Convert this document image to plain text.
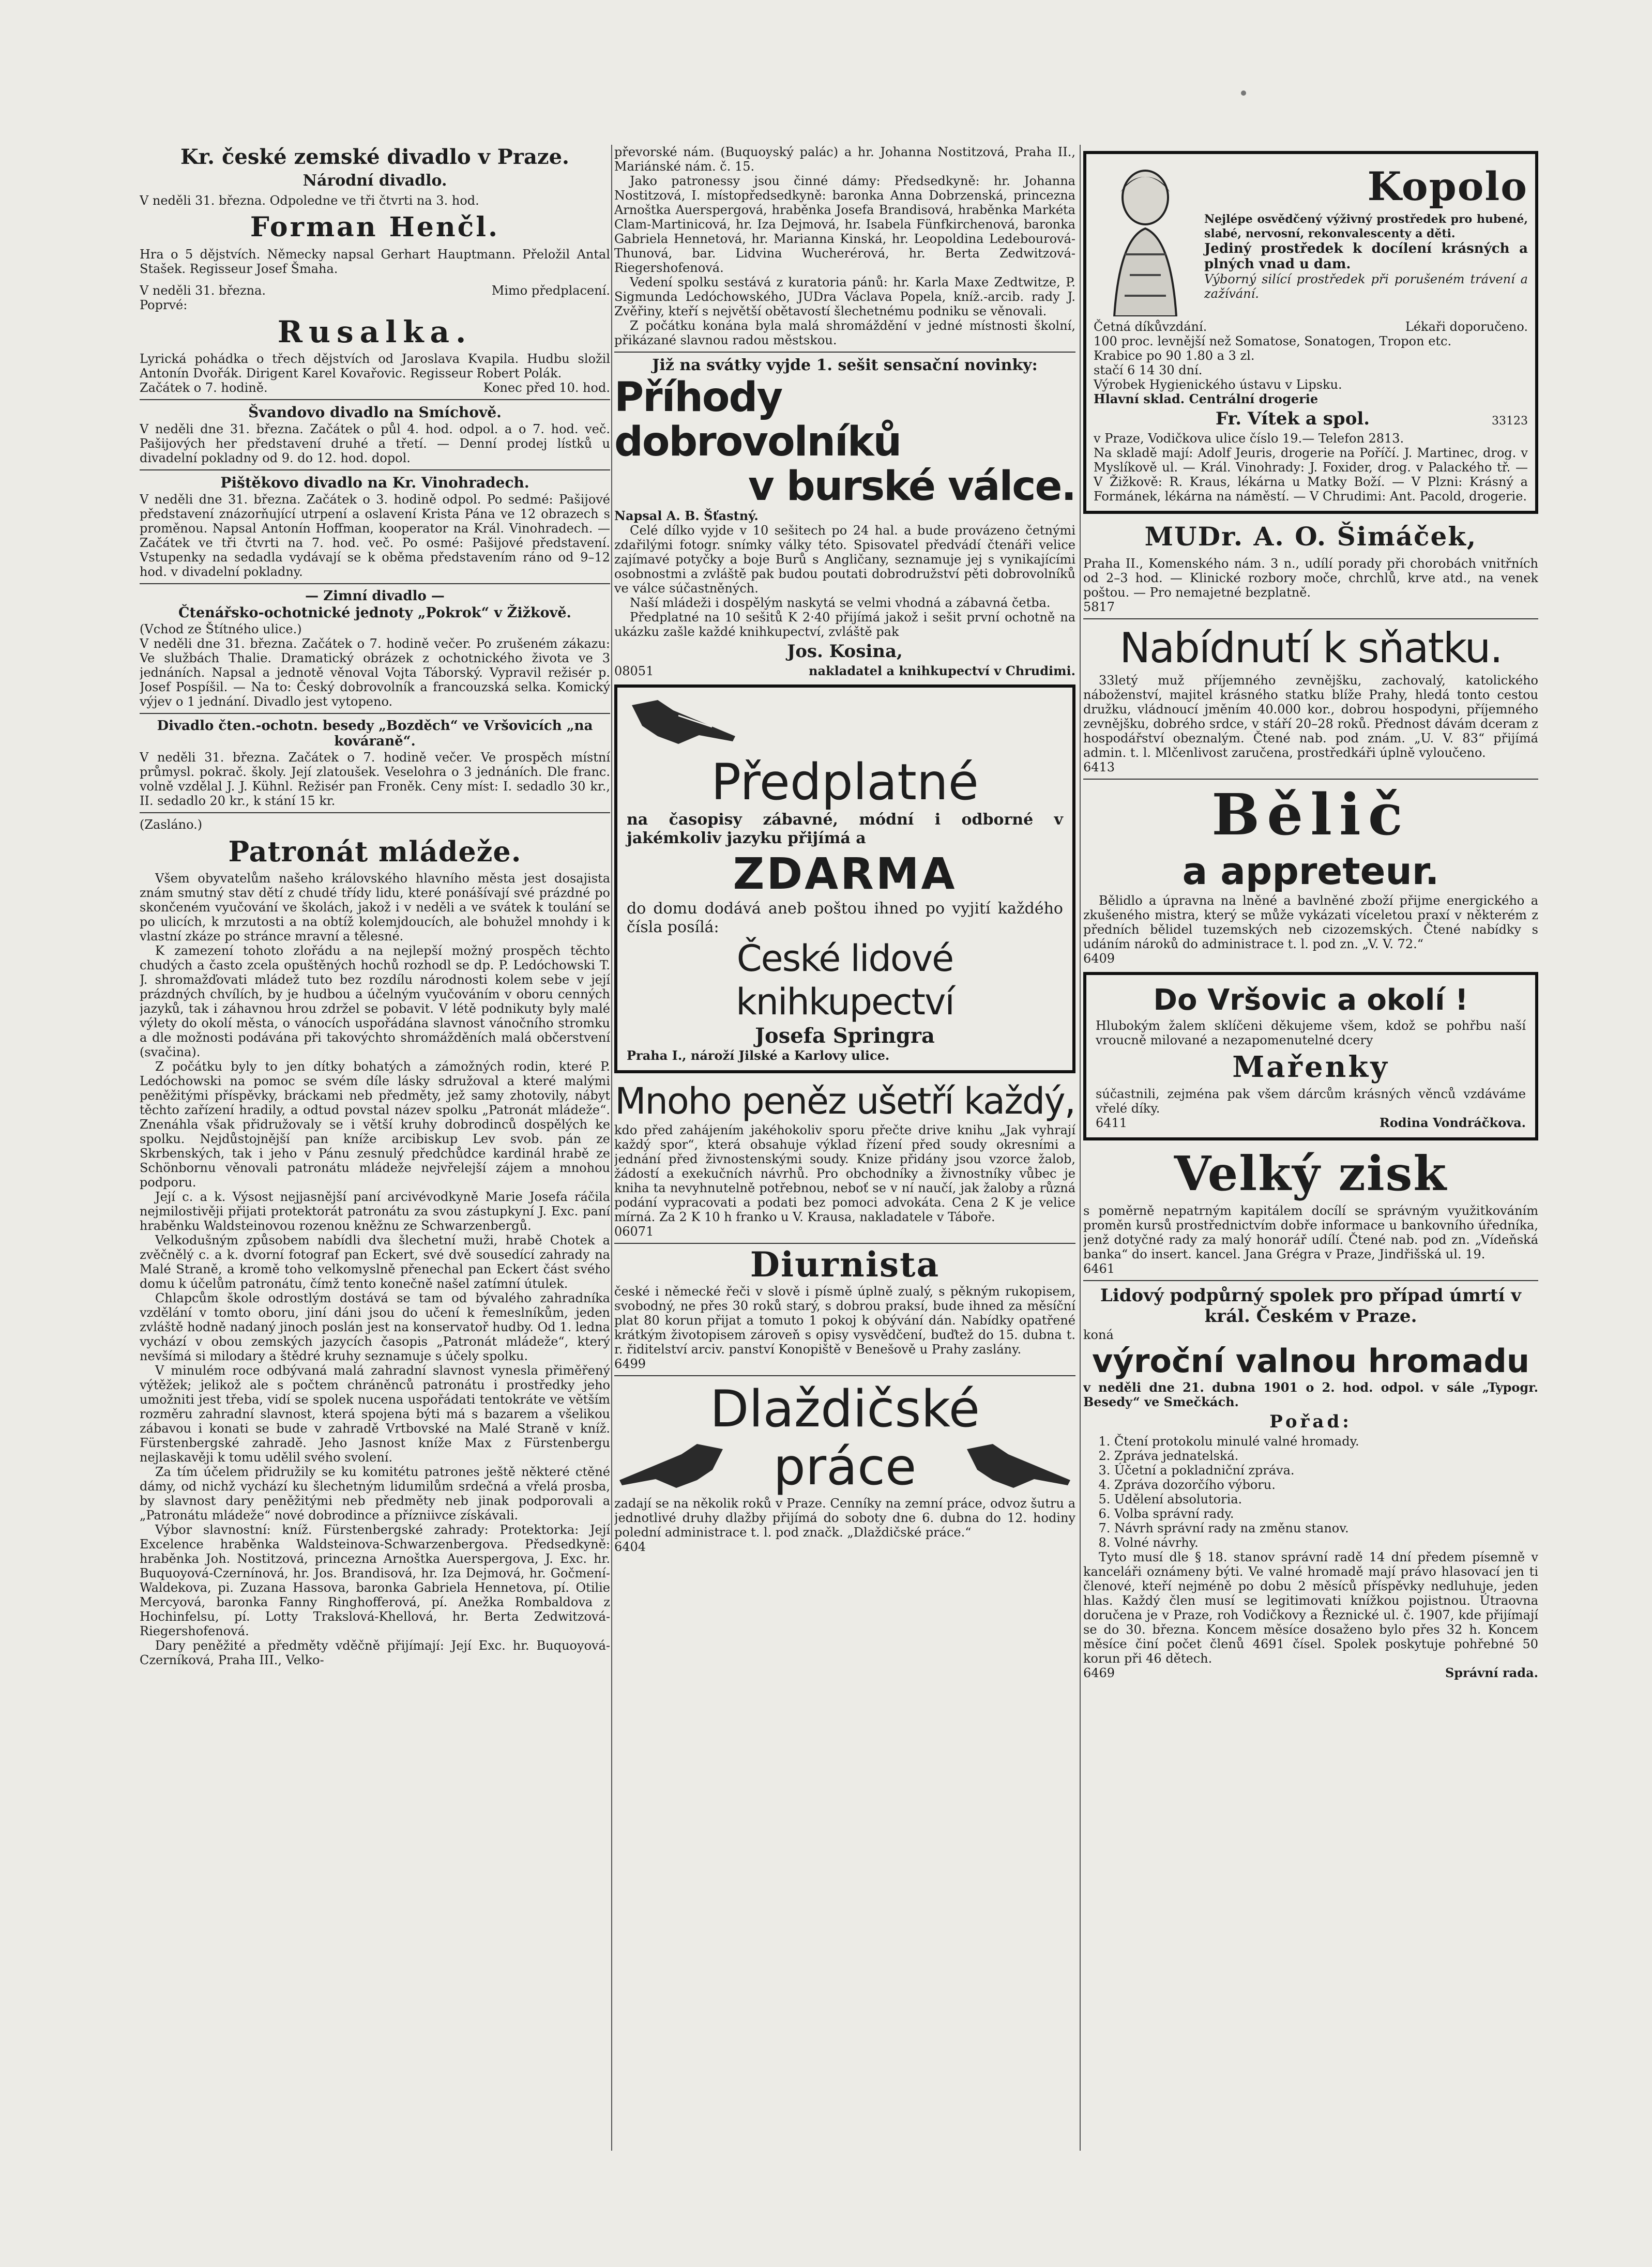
Kr. české zemské divadlo v Praze.
Národní divadlo.

V neděli 31. března. Odpoledne ve tři čtvrti na 3. hod.

Forman Henčl.

Hra o 5 dějstvích. Německy napsal Gerhart Hauptmann. Přeložil Antal Stašek. Regisseur Josef Šmaha.

V neděli 31. března.	Mimo předplacení.

Poprvé:

Rusalka.

Lyrická pohádka o třech dějstvích od Jaroslava Kvapila. Hudbu složil Antonín Dvořák. Dirigent Karel Kovařovic. Regisseur Robert Polák.

Začátek o 7. hodině.	Konec před 10. hod.
Švandovo divadlo na Smíchově.

V neděli dne 31. března. Začátek o půl 4. hod. odpol. a o 7. hod. več. Pašijových her představení druhé a třetí. — Denní prodej lístků u divadelní pokladny od 9. do 12. hod. dopol.

Pištěkovo divadlo na Kr. Vinohradech.

V neděli dne 31. března. Začátek o 3. hodině odpol. Po sedmé: Pašijové představení znázorňující utrpení a oslavení Krista Pána ve 12 obrazech s proměnou. Napsal Antonín Hoffman, kooperator na Král. Vinohradech. — Začátek ve tři čtvrti na 7. hod. več. Po osmé: Pašijové představení. Vstupenky na sedadla vydávají se k oběma představením ráno od 9–12 hod. v divadelní pokladny.

— Zimní divadlo —
Čtenářsko-ochotnické jednoty „Pokrok“ v Žižkově.

(Vchod ze Štítného ulice.)

V neděli dne 31. března. Začátek o 7. hodině večer. Po zrušeném zákazu: Ve službách Thalie. Dramatický obrázek z ochotnického života ve 3 jednáních. Napsal a jednotě věnoval Vojta Táborský. Vypravil režisér p. Josef Pospíšil. — Na to: Český dobrovolník a francouzská selka. Komický výjev o 1 jednání. Divadlo jest vytopeno.

Divadlo čten.-ochotn. besedy „Bozděch“ ve Vršovicích „na kováraně“.

V neděli 31. března. Začátek o 7. hodině večer. Ve prospěch místní průmysl. pokrač. školy. Její zlatoušek. Veselohra o 3 jednáních. Dle franc. volně vzdělal J. J. Kühnl. Režisér pan Froněk. Ceny míst: I. sedadlo 30 kr., II. sedadlo 20 kr., k stání 15 kr.

(Zasláno.)

Patronát mládeže.

Všem obyvatelům našeho královského hlavního města jest dosajista znám smutný stav dětí z chudé třídy lidu, které ponášívají své prázdné po skončeném vyučování ve školách, jakož i v neděli a ve svátek k toulání se po ulicích, k mrzutosti a na obtíž kolemjdoucích, ale bohužel mnohdy i k vlastní zkáze po stránce mravní a tělesné.

K zamezení tohoto zlořádu a na nejlepší možný prospěch těchto chudých a často zcela opuštěných hochů rozhodl se dp. P. Ledóchowski T. J. shromažďovati mládež tuto bez rozdílu národnosti kolem sebe v její prázdných chvílích, by je hudbou a účelným vyučováním v oboru cenných jazyků, tak i záhavnou hrou zdržel se pobavit. V létě podnikuty byly malé výlety do okolí města, o vánocích uspořádána slavnost vánočního stromku a dle možnosti podávána při takovýchto shromážděních malá občerstvení (svačina).

Z počátku byly to jen dítky bohatých a zámožných rodin, které P. Ledóchowski na pomoc se svém díle lásky sdružoval a které malými peněžitými příspěvky, bráckami neb předměty, jež samy zhotovily, nábyt těchto zařízení hradily, a odtud povstal název spolku „Patronát mládeže“. Znenáhla však přidružovaly se i větší kruhy dobrodinců dospělých ke spolku. Nejdůstojnější pan kníže arcibiskup Lev svob. pán ze Skrbenských, tak i jeho v Pánu zesnulý předchůdce kardinál hrabě ze Schönbornu věnovali patronátu mládeže nejvřelejší zájem a mnohou podporu.

Její c. a k. Výsost nejjasnější paní arcivévodkyně Marie Josefa ráčila nejmilostivěji přijati protektorát patronátu za svou zástupkyní J. Exc. paní hraběnku Waldsteinovou rozenou kněžnu ze Schwarzenbergů.

Velkodušným způsobem nabídli dva šlechetní muži, hrabě Chotek a zvěčnělý c. a k. dvorní fotograf pan Eckert, své dvě sousedící zahrady na Malé Straně, a kromě toho velkomyslně přenechal pan Eckert část svého domu k účelům patronátu, čímž tento konečně našel zatímní útulek.

Chlapcům škole odrostlým dostává se tam od bývalého zahradníka vzdělání v tomto oboru, jiní dáni jsou do učení k řemeslníkům, jeden zvláště hodně nadaný jinoch poslán jest na konservatoř hudby. Od 1. ledna vychází v obou zemských jazycích časopis „Patronát mládeže“, který nevšímá si milodary a štědré kruhy seznamuje s účely spolku.

V minulém roce odbývaná malá zahradní slavnost vynesla přiměřený výtěžek; jelikož ale s počtem chráněnců patronátu i prostředky jeho umožniti jest třeba, vidí se spolek nucena uspořádati tentokráte ve větším rozměru zahradní slavnost, která spojena býti má s bazarem a všelikou zábavou i konati se bude v zahradě Vrtbovské na Malé Straně v kníž. Fürstenbergské zahradě. Jeho Jasnost kníže Max z Fürstenbergu nejlaskavěji k tomu udělil svého svolení.

Za tím účelem přidružily se ku komitétu patrones ještě některé ctěné dámy, od nichž vychází ku šlechetným lidumilům srdečná a vřelá prosba, by slavnost dary peněžitými neb předměty neb jinak podporovali a „Patronátu mládeže“ nové dobrodince a přízniivce získávali.

Výbor slavnostní: kníž. Fürstenbergské zahrady: Protektorka: Její Excelence hraběnka Waldsteinova-Schwarzenbergova. Předsedkyně: hraběnka Joh. Nostitzová, princezna Arnoštka Auerspergova, J. Exc. hr. Buquoyová-Czernínová, hr. Jos. Brandisová, hr. Iza Dejmová, hr. Gočmení-Waldekova, pi. Zuzana Hassova, baronka Gabriela Hennetova, pí. Otilie Mercyová, baronka Fanny Ringhofferová, pí. Anežka Rombaldova z Hochinfelsu, pí. Lotty Trakslová-Khellová, hr. Berta Zedwitzová-Riegershofenová.

Dary peněžité a předměty vděčně přijímají: Její Exc. hr. Buquoyová-Czerníková, Praha III., Velko-

převorské nám. (Buquoyský palác) a hr. Johanna Nostitzová, Praha II., Mariánské nám. č. 15.

Jako patronessy jsou činné dámy: Předsedkyně: hr. Johanna Nostitzová, I. místopředsedkyně: baronka Anna Dobrzenská, princezna Arnoštka Auerspergová, hraběnka Josefa Brandisová, hraběnka Markéta Clam-Martinicová, hr. Iza Dejmová, hr. Isabela Fünfkirchenová, baronka Gabriela Hennetová, hr. Marianna Kinská, hr. Leopoldina Ledebourová-Thunová, bar. Lidvina Wucherérová, hr. Berta Zedwitzová-Riegershofenová.

Vedení spolku sestává z kuratoria pánů: hr. Karla Maxe Zedtwitze, P. Sigmunda Ledóchowského, JUDra Václava Popela, kníž.-arcib. rady J. Zvěřiny, kteří s největší obětavostí šlechetnému podniku se věnovali.

Z počátku konána byla malá shromáždění v jedné místnosti školní, přikázané slavnou radou městskou.

Již na svátky vyjde 1. sešit sensační novinky:
Příhody dobrovolníků
v burské válce.

Napsal A. B. Šťastný.

Celé dílko vyjde v 10 sešitech po 24 hal. a bude provázeno četnými zdařilými fotogr. snímky války této. Spisovatel předvádí čtenáři velice zajímavé potyčky a boje Burů s Angličany, seznamuje jej s vynikajícími osobnostmi a zvláště pak budou poutati dobrodružství pěti dobrovolníků ve válce súčastněných.

Naší mládeži i dospělým naskytá se velmi vhodná a zábavná četba.

Předplatné na 10 sešitů K 2·40 přijímá jakož i sešit první ochotně na ukázku zašle každé knihkupectví, zvláště pak

Jos. Kosina,
08051	nakladatel a knihkupectví v Chrudimi.
Předplatné

na časopisy zábavné, módní i odborné v jakémkoliv jazyku přijímá a

ZDARMA

do domu dodává aneb poštou ihned po vyjití každého čísla posílá:

České lidové knihkupectví
Josefa Springra

Praha I., nároží Jilské a Karlovy ulice.

Mnoho peněz ušetří každý,

kdo před zahájením jakéhokoliv sporu přečte drive knihu „Jak vyhrají každý spor“, která obsahuje výklad řízení před soudy okresními a jednání před živnostenskými soudy. Knize přidány jsou vzorce žalob, žádostí a exekučních návrhů. Pro obchodníky a živnostníky vůbec je kniha ta nevyhnutelně potřebnou, neboť se v ní naučí, jak žaloby a různá podání vypracovati a podati bez pomoci advokáta. Cena 2 K je velice mírná. Za 2 K 10 h franko u V. Krausa, nakladatele v Táboře.

06071

Diurnista

české i německé řeči v slově i písmě úplně zualý, s pěkným rukopisem, svobodný, ne přes 30 roků starý, s dobrou praksí, bude ihned za měsíční plat 80 korun přijat a tomuto 1 pokoj k obývání dán. Nabídky opatřené krátkým životopisem zároveň s opisy vysvědčení, buďtež do 15. dubna t. r. řiditelství arciv. panství Konopiště v Benešově u Prahy zaslány.

6499

Dlaždičské
práce

zadají se na několik roků v Praze. Cenníky na zemní práce, odvoz šutru a jednotlivé druhy dlažby přijímá do soboty dne 6. dubna do 12. hodiny polední administrace t. l. pod značk. „Dlaždičské práce.“

6404

Kopolo

Nejlépe osvědčený výživný prostředek pro hubené, slabé, nervosní, rekonvalescenty a děti.

Jediný prostředek k docílení krásných a plných vnad u dam.

Výborný silící prostředek při porušeném trávení a zažívání.

Četná díkůvzdání.	Lékaři doporučeno.

100 proc. levnější než Somatose, Sonatogen, Tropon etc.

Krabice po 90 1.80 a 3 zl.

stačí 6 14 30 dní.

Výrobek Hygienického ústavu v Lipsku.

Hlavní sklad. Centrální drogerie

Fr. Vítek a spol.	33123

v Praze, Vodičkova ulice číslo 19.— Telefon 2813.

Na skladě mají: Adolf Jeuris, drogerie na Poříčí. J. Martinec, drog. v Myslíkově ul. — Král. Vinohrady: J. Foxider, drog. v Palackého tř. — V Žižkově: R. Kraus, lékárna u Matky Boží. — V Plzni: Krásný a Formánek, lékárna na náměstí. — V Chrudimi: Ant. Pacold, drogerie.

MUDr. A. O. Šimáček,

Praha II., Komenského nám. 3 n., udílí porady při chorobách vnitřních od 2–3 hod. — Klinické rozbory moče, chrchlů, krve atd., na venek poštou. — Pro nemajetné bezplatně.

5817

Nabídnutí k sňatku.

33letý muž příjemného zevnějšku, zachovalý, katolického náboženství, majitel krásného statku blíže Prahy, hledá tonto cestou družku, vládnoucí jměním 40.000 kor., dobrou hospodyni, příjemného zevnějšku, dobrého srdce, v stáří 20–28 roků. Přednost dávám dceram z hospodářství obeznalým. Čtené nab. pod znám. „U. V. 83“ přijímá admin. t. l. Mlčenlivost zaručena, prostředkáři úplně vyloučeno.

6413

Bělič
a appreteur.

Bělidlo a úpravna na lněné a bavlněné zboží přijme energického a zkušeného mistra, který se může vykázati víceletou praxí v některém z předních bělidel tuzemských neb cizozemských. Čtené nabídky s udáním nároků do administrace t. l. pod zn. „V. V. 72.“

6409

Do Vršovic a okolí !

Hlubokým žalem sklíčeni děkujeme všem, kdož se pohřbu naší vroucně milované a nezapomenutelné dcery

Mařenky

súčastnili, zejména pak všem dárcům krásných věnců vzdáváme vřelé díky.

6411	Rodina Vondráčkova.
Velký zisk

s poměrně nepatrným kapitálem docílí se správným využitkováním proměn kursů prostřednictvím dobře informace u bankovního úředníka, jenž dotyčné rady za malý honorář udílí. Čtené nab. pod zn. „Vídeňská banka“ do insert. kancel. Jana Grégra v Praze, Jindřišská ul. 19.

6461

Lidový podpůrný spolek pro případ úmrtí v král. Českém v Praze.

koná

výroční valnou hromadu

v neděli dne 21. dubna 1901 o 2. hod. odpol. v sále „Typogr. Besedy“ ve Smečkách.

Pořad:
1. Čtení protokolu minulé valné hromady.
2. Zpráva jednatelská.
3. Účetní a pokladniční zpráva.
4. Zpráva dozorčího výboru.
5. Udělení absolutoria.
6. Volba správní rady.
7. Návrh správní rady na změnu stanov.
8. Volné návrhy.

Tyto musí dle § 18. stanov správní radě 14 dní předem písemně v kanceláři oznámeny býti. Ve valné hromadě mají právo hlasovací jen ti členové, kteří nejméně po dobu 2 měsíců příspěvky nedluhuje, jeden hlas. Každý člen musí se legitimovati knížkou pojistnou. Útraovna doručena je v Praze, roh Vodičkovy a Řeznické ul. č. 1907, kde přijímají se do 30. března. Koncem měsíce dosaženo bylo přes 32 h. Koncem měsíce činí počet členů 4691 čísel. Spolek poskytuje pohřebné 50 korun při 46 dětech.

6469	Správní rada.
